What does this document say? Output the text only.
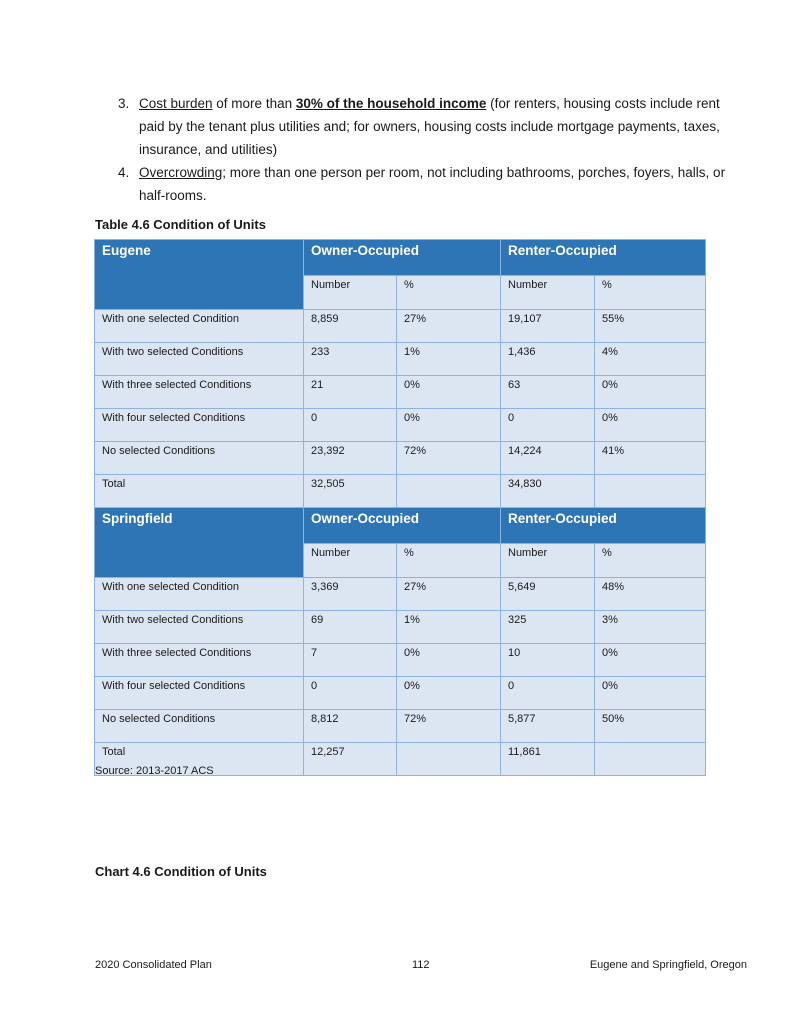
3. Cost burden of more than 30% of the household income (for renters, housing costs include rent paid by the tenant plus utilities and; for owners, housing costs include mortgage payments, taxes, insurance, and utilities)
4. Overcrowding; more than one person per room, not including bathrooms, porches, foyers, halls, or half-rooms.
Table 4.6 Condition of Units
Eugene	Owner-Occupied		Renter-Occupied	
	Number	%	Number	%
With one selected Condition	8,859	27%	19,107	55%
With two selected Conditions	233	1%	1,436	4%
With three selected Conditions	21	0%	63	0%
With four selected Conditions	0	0%	0	0%
No selected Conditions	23,392	72%	14,224	41%
Total	32,505		34,830	
Springfield	Owner-Occupied		Renter-Occupied	
	Number	%	Number	%
With one selected Condition	3,369	27%	5,649	48%
With two selected Conditions	69	1%	325	3%
With three selected Conditions	7	0%	10	0%
With four selected Conditions	0	0%	0	0%
No selected Conditions	8,812	72%	5,877	50%
Total	12,257		11,861	
Source: 2013-2017 ACS
Chart 4.6 Condition of Units
2020 Consolidated Plan	112	Eugene and Springfield, Oregon
